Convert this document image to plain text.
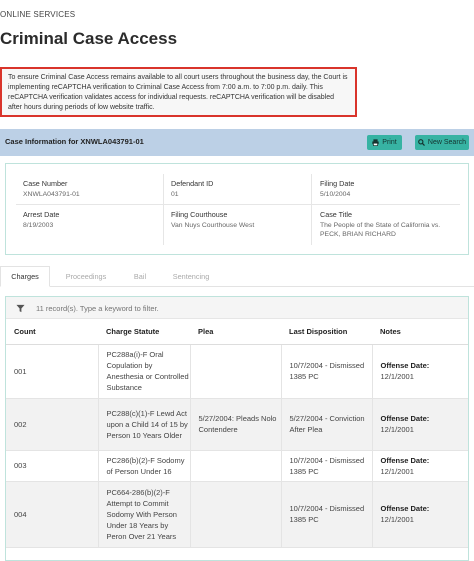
ONLINE SERVICES
Criminal Case Access
To ensure Criminal Case Access remains available to all court users throughout the business day, the Court is implementing reCAPTCHA verification to Criminal Case Access from 7:00 a.m. to 7:00 p.m. daily. This reCAPTCHA verification validates access for individual requests. reCAPTCHA verification will be disabled after hours during periods of low website traffic.
Case Information for XNWLA043791-01	Print	New Search
Case Number
XNWLA043791-01
Defendant ID
01
Filing Date
5/10/2004
Arrest Date
8/19/2003
Filing Courthouse
Van Nuys Courthouse West
Case Title
The People of the State of California vs. PECK, BRIAN RICHARD
Charges	Proceedings	Bail	Sentencing
11 record(s). Type a keyword to filter.
Count	Charge Statute	Plea	Last Disposition	Notes
001	PC288a(i)-F Oral Copulation by Anesthesia or Controlled Substance		10/7/2004 - Dismissed 1385 PC	Offense Date:
12/1/2001
002	PC288(c)(1)-F Lewd Act upon a Child 14 of 15 by Person 10 Years Older	5/27/2004: Pleads Nolo Contendere	5/27/2004 - Conviction After Plea	Offense Date:
12/1/2001
003	PC286(b)(2)-F Sodomy of Person Under 16		10/7/2004 - Dismissed 1385 PC	Offense Date:
12/1/2001
004	PC664-286(b)(2)-F Attempt to Commit Sodomy With Person Under 18 Years by Peron Over 21 Years		10/7/2004 - Dismissed 1385 PC	Offense Date:
12/1/2001
